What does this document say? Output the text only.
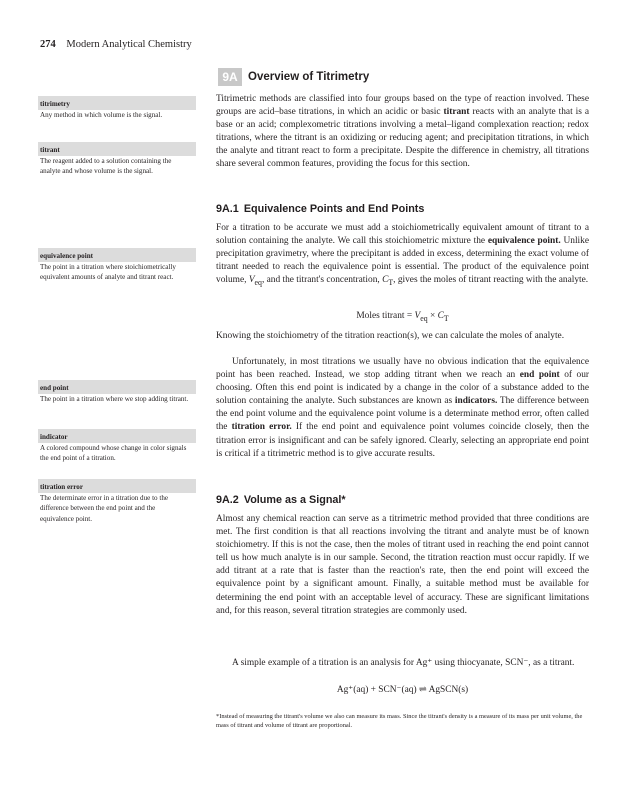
274 Modern Analytical Chemistry
9A Overview of Titrimetry
titrimetry
Any method in which volume is the signal.
titrant
The reagent added to a solution containing the analyte and whose volume is the signal.
equivalence point
The point in a titration where stoichiometrically equivalent amounts of analyte and titrant react.
end point
The point in a titration where we stop adding titrant.
indicator
A colored compound whose change in color signals the end point of a titration.
titration error
The determinate error in a titration due to the difference between the end point and the equivalence point.

Titrimetric methods are classified into four groups based on the type of reaction involved. These groups are acid–base titrations, in which an acidic or basic titrant reacts with an analyte that is a base or an acid; complexometric titrations involving a metal–ligand complexation reaction; redox titrations, where the titrant is an oxidizing or reducing agent; and precipitation titrations, in which the analyte and titrant react to form a precipitate. Despite the difference in chemistry, all titrations share several common features, providing the focus for this section.

9A.1 Equivalence Points and End Points

For a titration to be accurate we must add a stoichiometrically equivalent amount of titrant to a solution containing the analyte. We call this stoichiometric mixture the equivalence point. Unlike precipitation gravimetry, where the precipitant is added in excess, determining the exact volume of titrant needed to reach the equivalence point is essential. The product of the equivalence point volume, $V_{eq}$, and the titrant's concentration, $C_T$, gives the moles of titrant reacting with the analyte.

Moles titrant = $V_{eq} \times C_T$

Knowing the stoichiometry of the titration reaction(s), we can calculate the moles of analyte.

Unfortunately, in most titrations we usually have no obvious indication that the equivalence point has been reached. Instead, we stop adding titrant when we reach an end point of our choosing. Often this end point is indicated by a change in the color of a substance added to the solution containing the analyte. Such substances are known as indicators. The difference between the end point volume and the equivalence point volume is a determinate method error, often called the titration error. If the end point and equivalence point volumes coincide closely, then the titration error is insignificant and can be safely ignored. Clearly, selecting an appropriate end point is critical if a titrimetric method is to give accurate results.

9A.2 Volume as a Signal*

Almost any chemical reaction can serve as a titrimetric method provided that three conditions are met. The first condition is that all reactions involving the titrant and analyte must be of known stoichiometry. If this is not the case, then the moles of titrant used in reaching the end point cannot tell us how much analyte is in our sample. Second, the titration reaction must occur rapidly. If we add titrant at a rate that is faster than the reaction's rate, then the end point will exceed the equivalence point by a significant amount. Finally, a suitable method must be available for determining the end point with an acceptable level of accuracy. These are significant limitations and, for this reason, several titration strategies are commonly used.

A simple example of a titration is an analysis for Ag⁺ using thiocyanate, SCN⁻, as a titrant.

Ag⁺(aq) + SCN⁻(aq) ⇌ AgSCN(s)
*Instead of measuring the titrant's volume we also can measure its mass. Since the titrant's density is a measure of its mass per unit volume, the mass of titrant and volume of titrant are proportional.
